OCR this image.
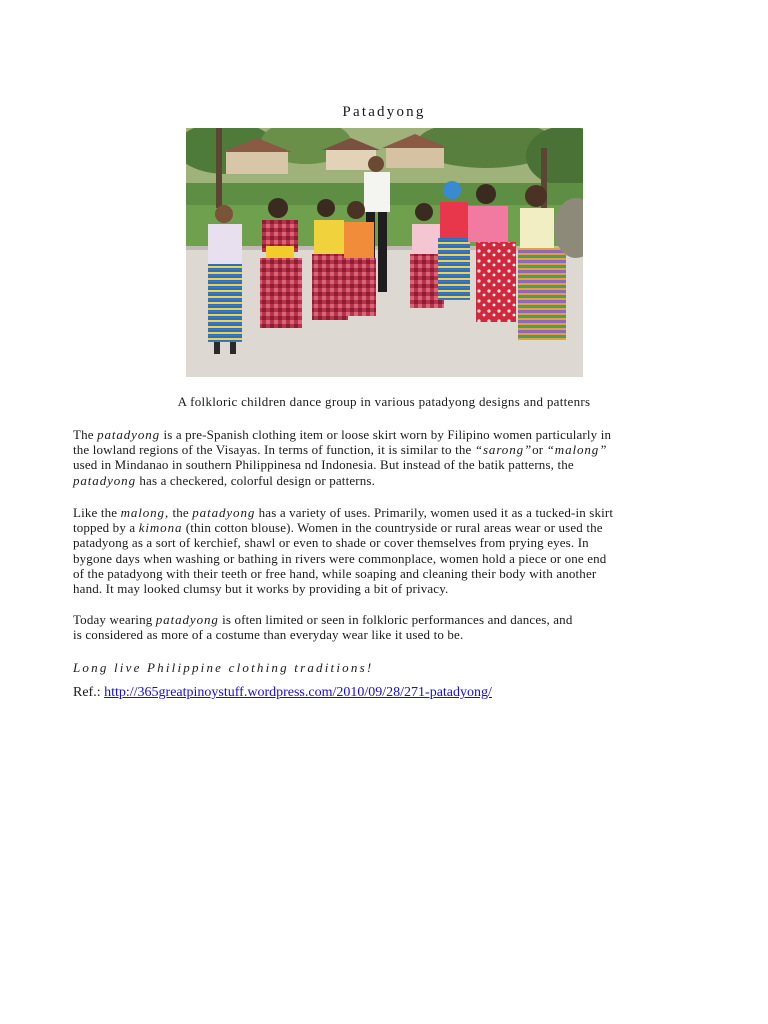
Patadyong
A folkloric children dance group in various patadyong designs and pattenrs
The patadyong is a pre-Spanish clothing item or loose skirt worn by Filipino women particularly in
the lowland regions of the Visayas. In terms of function, it is similar to the “sarong”or “malong”
used in Mindanao in southern Philippinesa nd Indonesia. But instead of the batik patterns, the
patadyong has a checkered, colorful design or patterns.
Like the malong, the patadyong has a variety of uses. Primarily, women used it as a tucked-in skirt
topped by a kimona (thin cotton blouse). Women in the countryside or rural areas wear or used the
patadyong as a sort of kerchief, shawl or even to shade or cover themselves from prying eyes. In
bygone days when washing or bathing in rivers were commonplace, women hold a piece or one end
of the patadyong with their teeth or free hand, while soaping and cleaning their body with another
hand. It may looked clumsy but it works by providing a bit of privacy.
Today wearing patadyong is often limited or seen in folkloric performances and dances, and
is considered as more of a costume than everyday wear like it used to be.
Long live Philippine clothing traditions!
Ref.: http://365greatpinoystuff.wordpress.com/2010/09/28/271-patadyong/
